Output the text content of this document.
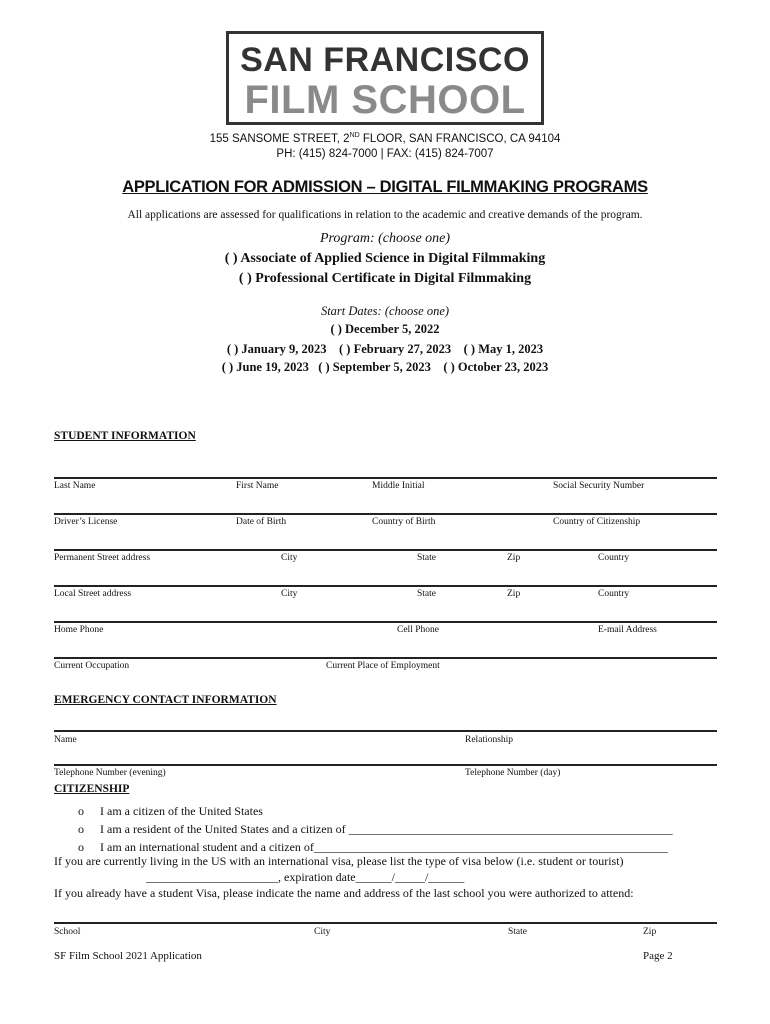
SAN FRANCISCO
FILM SCHOOL
155 SANSOME STREET, 2ND FLOOR, SAN FRANCISCO, CA 94104
PH: (415) 824-7000 | FAX: (415) 824-7007
APPLICATION FOR ADMISSION – DIGITAL FILMMAKING PROGRAMS
All applications are assessed for qualifications in relation to the academic and creative demands of the program.
Program: (choose one)
( ) Associate of Applied Science in Digital Filmmaking
( ) Professional Certificate in Digital Filmmaking
Start Dates: (choose one)
( ) December 5, 2022
( ) January 9, 2023    ( ) February 27, 2023    ( ) May 1, 2023
( ) June 19, 2023   ( ) September 5, 2023    ( ) October 23, 2023
STUDENT INFORMATION
Last Name	First Name	Middle Initial	Social Security Number
Driver’s License	Date of Birth	Country of Birth	Country of Citizenship
Permanent Street address	City	State	Zip	Country
Local Street address	City	State	Zip	Country
Home Phone	Cell Phone	E-mail Address
Current Occupation	Current Place of Employment
EMERGENCY CONTACT INFORMATION
Name	Relationship
Telephone Number (evening)	Telephone Number (day)
CITIZENSHIP
o I am a citizen of the United States
o I am a resident of the United States and a citizen of ______________________________________________________
o I am an international student and a citizen of___________________________________________________________
If you are currently living in the US with an international visa, please list the type of visa below (i.e. student or tourist)
______________________, expiration date______/_____/______
If you already have a student Visa, please indicate the name and address of the last school you were authorized to attend:
School	City	State	Zip
SF Film School 2021 Application	Page 2
